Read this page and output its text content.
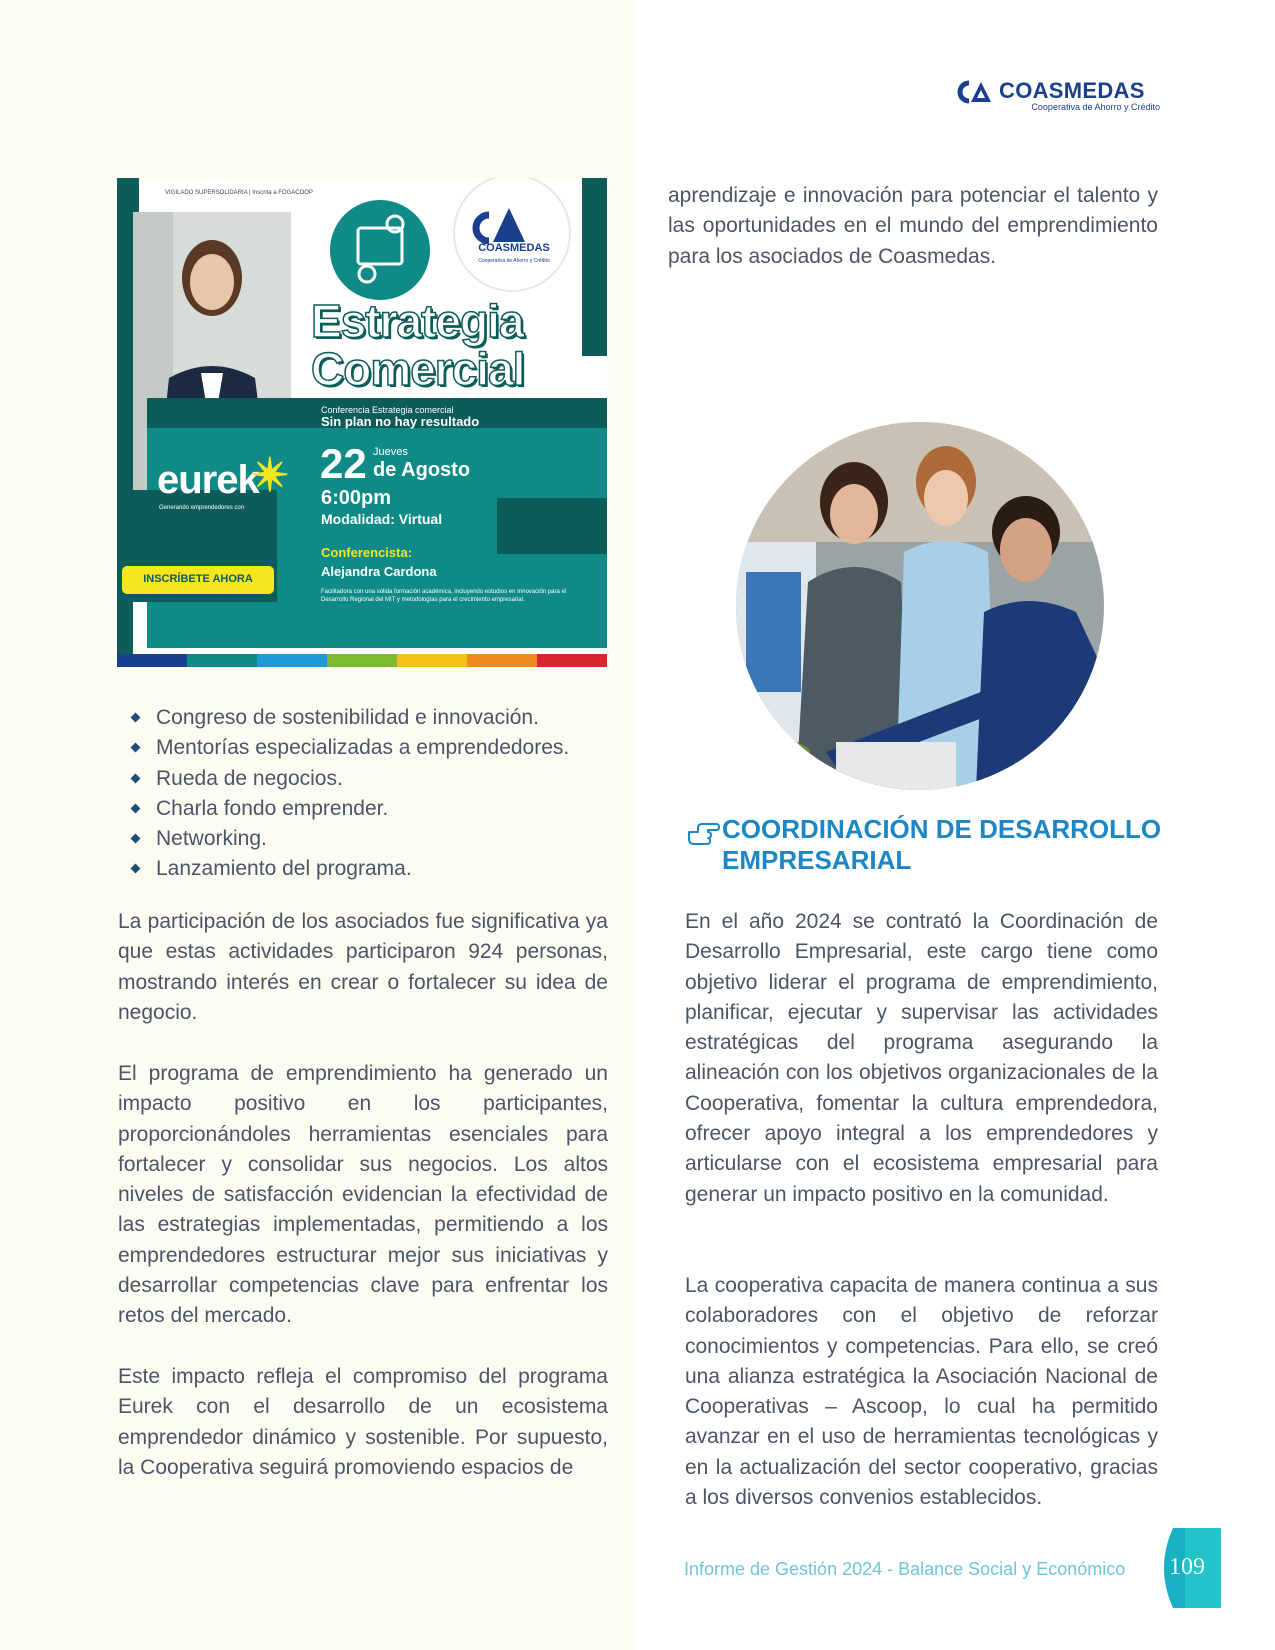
COASMEDAS
Cooperativa de Ahorro y Crédito
VIGILADO SUPERSOLIDARIA | Inscrita a FOGACOOP
COASMEDAS
Cooperativa de Ahorro y Crédito
Estrategia
Comercial
Conferencia Estrategia comercial
Sin plan no hay resultado
22 Jueves
de Agosto
6:00pm
Modalidad: Virtual
Conferencista:
Alejandra Cardona
Facilitadora con una sólida formación académica, incluyendo estudios en Innovación para el Desarrollo Regional del MIT y metodologías para el crecimiento empresarial.
eurek
✴
Generando emprendedores con
INSCRÍBETE AHORA

aprendizaje e innovación para potenciar el talento y las oportunidades en el mundo del emprendimiento para los asociados de Coasmedas.

Congreso de sostenibilidad e innovación.
Mentorías especializadas a emprendedores.
Rueda de negocios.
Charla fondo emprender.
Networking.
Lanzamiento del programa.
COORDINACIÓN DE DESARROLLO
EMPRESARIAL

La participación de los asociados fue significativa ya que estas actividades participaron 924 personas, mostrando interés en crear o fortalecer su idea de negocio.

El programa de emprendimiento ha generado un impacto positivo en los participantes, proporcionándoles herramientas esenciales para fortalecer y consolidar sus negocios. Los altos niveles de satisfacción evidencian la efectividad de las estrategias implementadas, permitiendo a los emprendedores estructurar mejor sus iniciativas y desarrollar competencias clave para enfrentar los retos del mercado.

Este impacto refleja el compromiso del programa Eurek con el desarrollo de un ecosistema emprendedor dinámico y sostenible. Por supuesto, la Cooperativa seguirá promoviendo espacios de

En el año 2024 se contrató la Coordinación de Desarrollo Empresarial, este cargo tiene como objetivo liderar el programa de emprendimiento, planificar, ejecutar y supervisar las actividades estratégicas del programa asegurando la alineación con los objetivos organizacionales de la Cooperativa, fomentar la cultura emprendedora, ofrecer apoyo integral a los emprendedores y articularse con el ecosistema empresarial para generar un impacto positivo en la comunidad.

La cooperativa capacita de manera continua a sus colaboradores con el objetivo de reforzar conocimientos y competencias. Para ello, se creó una alianza estratégica la Asociación Nacional de Cooperativas – Ascoop, lo cual ha permitido avanzar en el uso de herramientas tecnológicas y en la actualización del sector cooperativo, gracias a los diversos convenios establecidos.

Informe de Gestión 2024 - Balance Social y Económico	109
